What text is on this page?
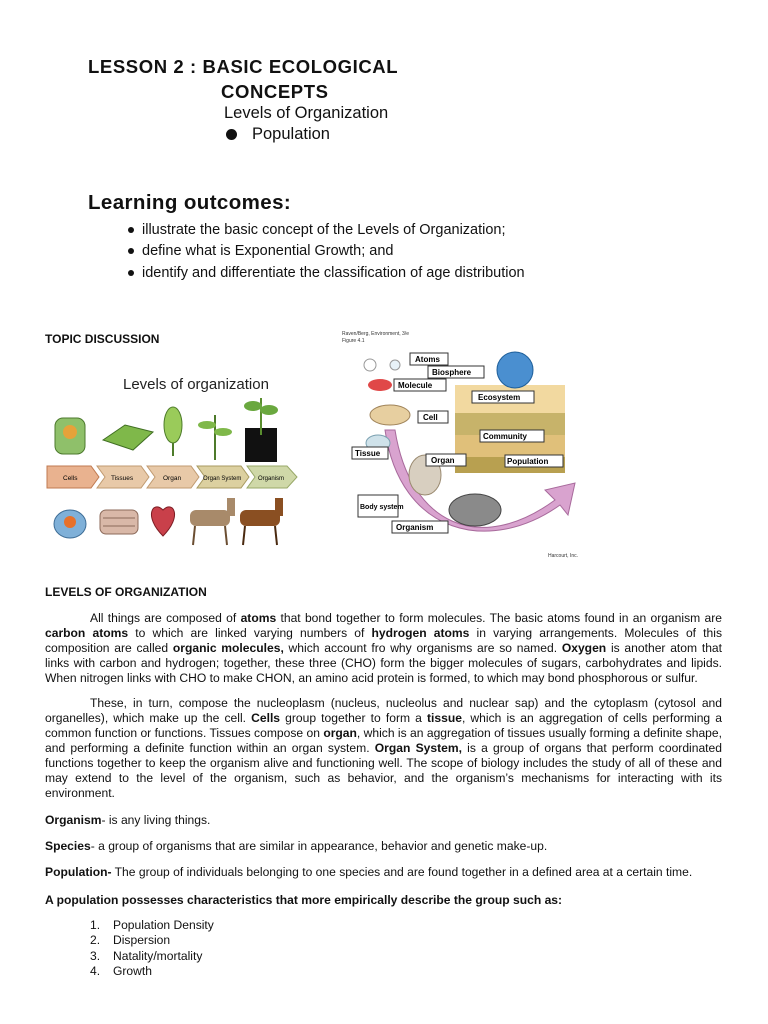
LESSON 2 : BASIC ECOLOGICAL
CONCEPTS
Levels of Organization
Population
Learning outcomes:
illustrate the basic concept of the Levels of Organization;
define what is Exponential Growth; and
identify and differentiate the classification of age distribution
TOPIC DISCUSSION
Levels of organization
Cells	Tissues	Organ	Organ System	Organism
Raven/Berg, Environment, 3/e
Figure 4.1
Atoms
Biosphere
Molecule
Ecosystem
Cell
Community
Population
Tissue
Organ
Body system
Organism
Harcourt, Inc.
LEVELS OF ORGANIZATION
All things are composed of atoms that bond together to form molecules. The basic atoms found in an organism are carbon atoms to which are linked varying numbers of hydrogen atoms in varying arrangements. Molecules of this composition are called organic molecules, which account fro why organisms are so named. Oxygen is another atom that links with carbon and hydrogen; together, these three (CHO) form the bigger molecules of sugars, carbohydrates and lipids. When nitrogen links with CHO to make CHON, an amino acid protein is formed, to which may bond phosphorous or sulfur.
These, in turn, compose the nucleoplasm (nucleus, nucleolus and nuclear sap) and the cytoplasm (cytosol and organelles), which make up the cell. Cells group together to form a tissue, which is an aggregation of cells performing a common function or functions. Tissues compose on organ, which is an aggregation of tissues usually forming a definite shape, and performing a definite function within an organ system. Organ System, is a group of organs that perform coordinated functions together to keep the organism alive and functioning well. The scope of biology includes the study of all of these and may extend to the level of the organism, such as behavior, and the organism’s mechanisms for interacting with its environment.
Organism- is any living things.
Species- a group of organisms that are similar in appearance, behavior and genetic make-up.
Population- The group of individuals belonging to one species and are found together in a defined area at a certain time.
A population possesses characteristics that more empirically describe the group such as:
1.	Population Density
2.	Dispersion
3.	Natality/mortality
4.	Growth
